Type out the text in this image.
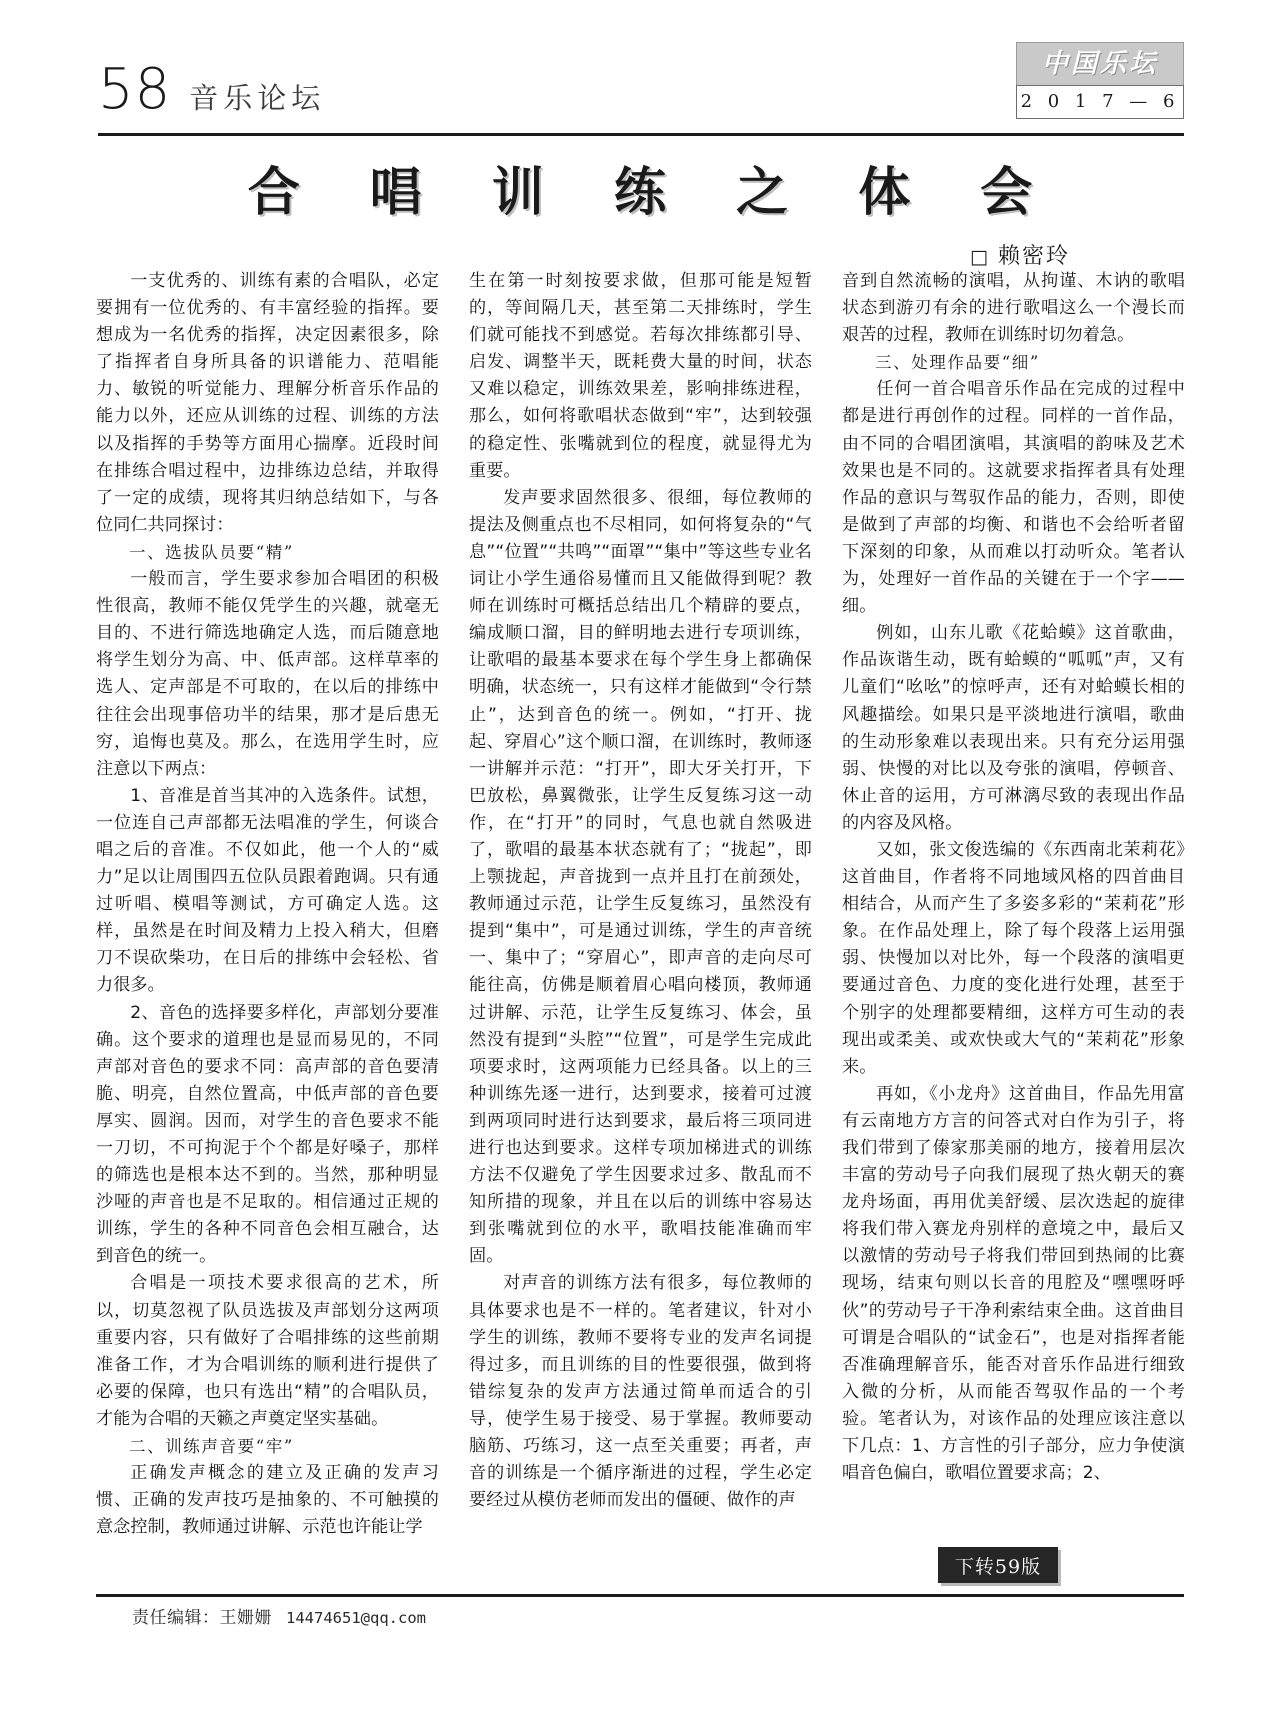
58 音乐论坛
中国乐坛
2 0 1 7 — 6
合 唱 训 练 之 体 会
□ 赖密玲

一支优秀的、训练有素的合唱队，必定要拥有一位优秀的、有丰富经验的指挥。要想成为一名优秀的指挥，决定因素很多，除了指挥者自身所具备的识谱能力、范唱能力、敏锐的听觉能力、理解分析音乐作品的能力以外，还应从训练的过程、训练的方法以及指挥的手势等方面用心揣摩。近段时间在排练合唱过程中，边排练边总结，并取得了一定的成绩，现将其归纳总结如下，与各位同仁共同探讨：

一、选拔队员要“精”

一般而言，学生要求参加合唱团的积极性很高，教师不能仅凭学生的兴趣，就毫无目的、不进行筛选地确定人选，而后随意地将学生划分为高、中、低声部。这样草率的选人、定声部是不可取的，在以后的排练中往往会出现事倍功半的结果，那才是后患无穷，追悔也莫及。那么，在选用学生时，应注意以下两点：

1、音准是首当其冲的入选条件。试想，一位连自己声部都无法唱准的学生，何谈合唱之后的音准。不仅如此，他一个人的“威力”足以让周围四五位队员跟着跑调。只有通过听唱、模唱等测试，方可确定人选。这样，虽然是在时间及精力上投入稍大，但磨刀不误砍柴功，在日后的排练中会轻松、省力很多。

2、音色的选择要多样化，声部划分要准确。这个要求的道理也是显而易见的，不同声部对音色的要求不同：高声部的音色要清脆、明亮，自然位置高，中低声部的音色要厚实、圆润。因而，对学生的音色要求不能一刀切，不可拘泥于个个都是好嗓子，那样的筛选也是根本达不到的。当然，那种明显沙哑的声音也是不足取的。相信通过正规的训练，学生的各种不同音色会相互融合，达到音色的统一。

合唱是一项技术要求很高的艺术，所以，切莫忽视了队员选拔及声部划分这两项重要内容，只有做好了合唱排练的这些前期准备工作，才为合唱训练的顺利进行提供了必要的保障，也只有选出“精”的合唱队员，才能为合唱的天籁之声奠定坚实基础。

二、训练声音要“牢”

正确发声概念的建立及正确的发声习惯、正确的发声技巧是抽象的、不可触摸的意念控制，教师通过讲解、示范也许能让学

生在第一时刻按要求做，但那可能是短暂的，等间隔几天，甚至第二天排练时，学生们就可能找不到感觉。若每次排练都引导、启发、调整半天，既耗费大量的时间，状态又难以稳定，训练效果差，影响排练进程，那么，如何将歌唱状态做到“牢”，达到较强的稳定性、张嘴就到位的程度，就显得尤为重要。

发声要求固然很多、很细，每位教师的提法及侧重点也不尽相同，如何将复杂的“气息”“位置”“共鸣”“面罩”“集中”等这些专业名词让小学生通俗易懂而且又能做得到呢？教师在训练时可概括总结出几个精辟的要点，编成顺口溜，目的鲜明地去进行专项训练，让歌唱的最基本要求在每个学生身上都确保明确，状态统一，只有这样才能做到“令行禁止”，达到音色的统一。例如，“打开、拢起、穿眉心”这个顺口溜，在训练时，教师逐一讲解并示范：“打开”，即大牙关打开，下巴放松，鼻翼微张，让学生反复练习这一动作，在“打开”的同时，气息也就自然吸进了，歌唱的最基本状态就有了；“拢起”，即上颚拢起，声音拢到一点并且打在前颈处，教师通过示范，让学生反复练习，虽然没有提到“集中”，可是通过训练，学生的声音统一、集中了；“穿眉心”，即声音的走向尽可能往高，仿佛是顺着眉心唱向楼顶，教师通过讲解、示范，让学生反复练习、体会，虽然没有提到“头腔”“位置”，可是学生完成此项要求时，这两项能力已经具备。以上的三种训练先逐一进行，达到要求，接着可过渡到两项同时进行达到要求，最后将三项同进进行也达到要求。这样专项加梯进式的训练方法不仅避免了学生因要求过多、散乱而不知所措的现象，并且在以后的训练中容易达到张嘴就到位的水平，歌唱技能准确而牢固。

对声音的训练方法有很多，每位教师的具体要求也是不一样的。笔者建议，针对小学生的训练，教师不要将专业的发声名词提得过多，而且训练的目的性要很强，做到将错综复杂的发声方法通过简单而适合的引导，使学生易于接受、易于掌握。教师要动脑筋、巧练习，这一点至关重要；再者，声音的训练是一个循序渐进的过程，学生必定要经过从模仿老师而发出的僵硬、做作的声

音到自然流畅的演唱，从拘谨、木讷的歌唱状态到游刃有余的进行歌唱这么一个漫长而艰苦的过程，教师在训练时切勿着急。

三、处理作品要“细”

任何一首合唱音乐作品在完成的过程中都是进行再创作的过程。同样的一首作品，由不同的合唱团演唱，其演唱的韵味及艺术效果也是不同的。这就要求指挥者具有处理作品的意识与驾驭作品的能力，否则，即使是做到了声部的均衡、和谐也不会给听者留下深刻的印象，从而难以打动听众。笔者认为，处理好一首作品的关键在于一个字——细。

例如，山东儿歌《花蛤蟆》这首歌曲，作品诙谐生动，既有蛤蟆的“呱呱”声，又有儿童们“吆吆”的惊呼声，还有对蛤蟆长相的风趣描绘。如果只是平淡地进行演唱，歌曲的生动形象难以表现出来。只有充分运用强弱、快慢的对比以及夸张的演唱，停顿音、休止音的运用，方可淋漓尽致的表现出作品的内容及风格。

又如，张文俊选编的《东西南北茉莉花》这首曲目，作者将不同地域风格的四首曲目相结合，从而产生了多姿多彩的“茉莉花”形象。在作品处理上，除了每个段落上运用强弱、快慢加以对比外，每一个段落的演唱更要通过音色、力度的变化进行处理，甚至于个别字的处理都要精细，这样方可生动的表现出或柔美、或欢快或大气的“茉莉花”形象来。

再如，《小龙舟》这首曲目，作品先用富有云南地方方言的问答式对白作为引子，将我们带到了傣家那美丽的地方，接着用层次丰富的劳动号子向我们展现了热火朝天的赛龙舟场面，再用优美舒缓、层次迭起的旋律将我们带入赛龙舟别样的意境之中，最后又以激情的劳动号子将我们带回到热闹的比赛现场，结束句则以长音的甩腔及“嘿嘿呀呼伙”的劳动号子干净利索结束全曲。这首曲目可谓是合唱队的“试金石”，也是对指挥者能否准确理解音乐，能否对音乐作品进行细致入微的分析，从而能否驾驭作品的一个考验。笔者认为，对该作品的处理应该注意以下几点：1、方言性的引子部分，应力争使演唱音色偏白，歌唱位置要求高；2、

下转59版
责任编辑：王姗姗 14474651@qq.com
